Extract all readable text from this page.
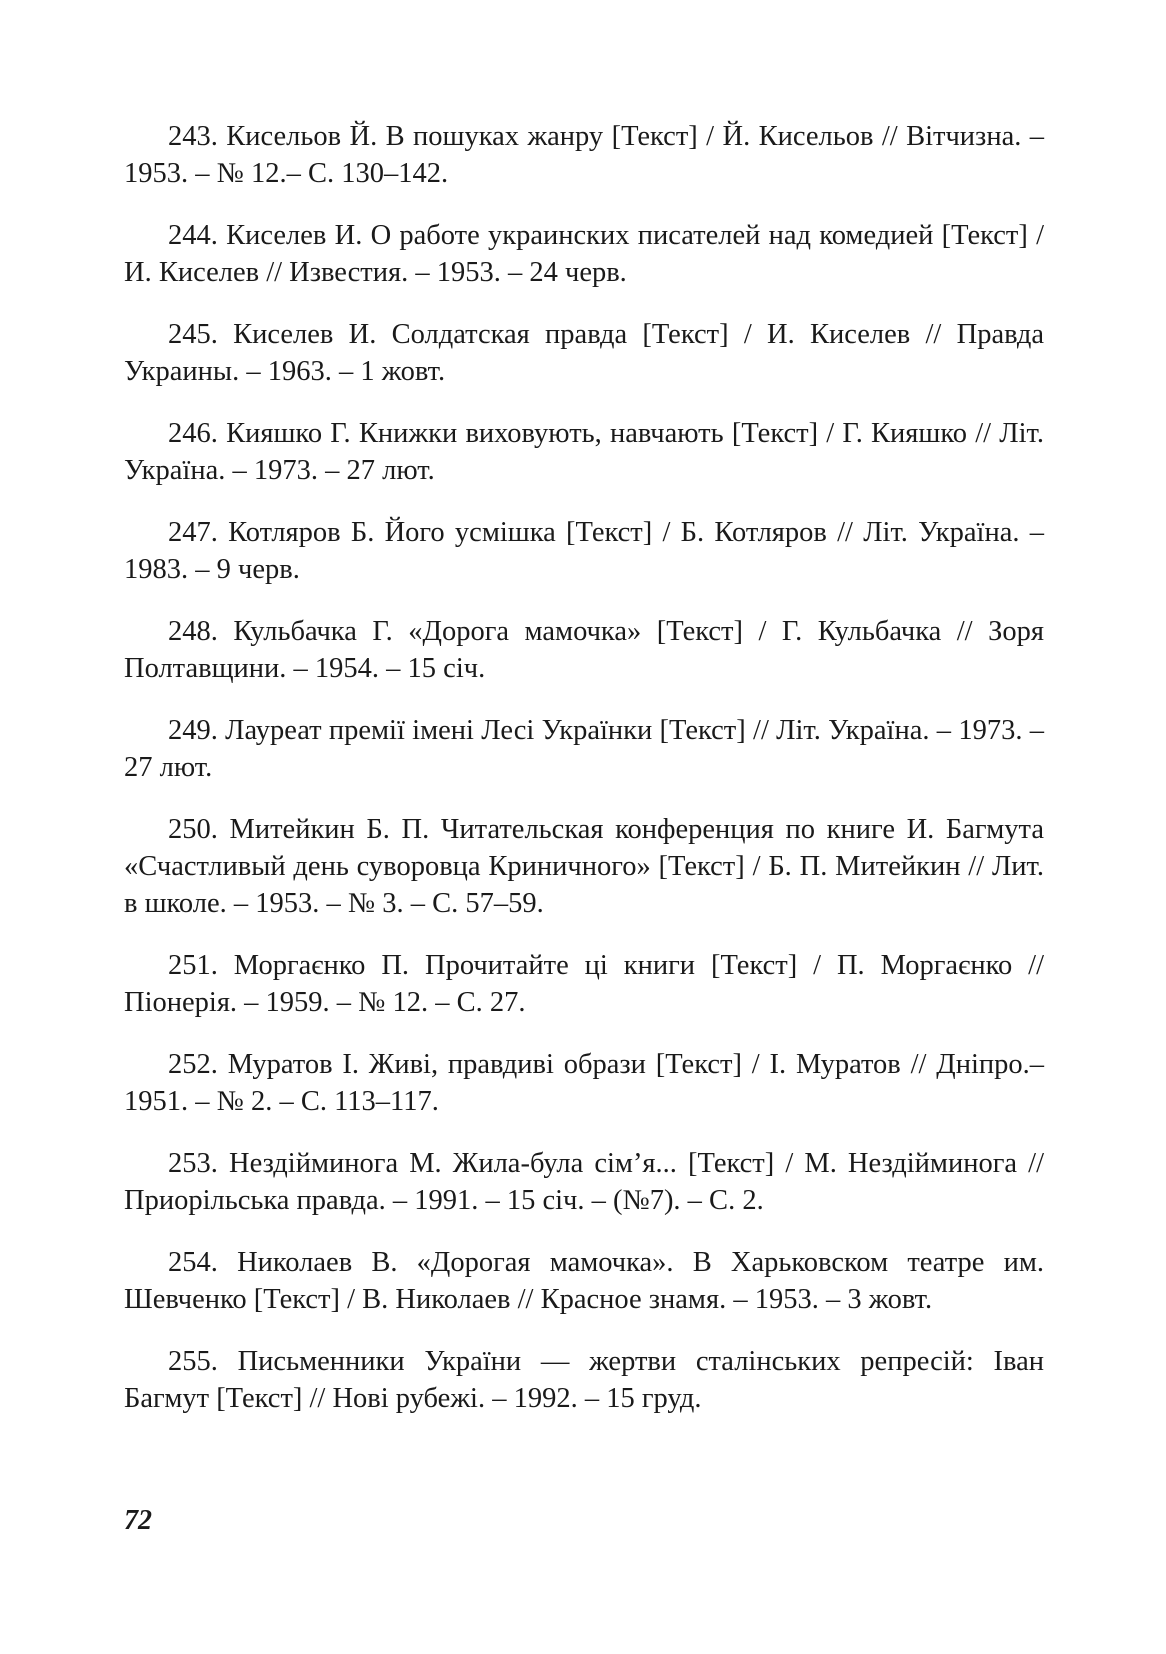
243. Кисельов Й. В пошуках жанру [Текст] / Й. Кисельов // Вітчизна. – 1953. – № 12.– С. 130–142.

244. Киселев И. О работе украинских писателей над комедией [Текст] / И. Киселев // Известия. – 1953. – 24 черв.

245. Киселев И. Солдатская правда [Текст] / И. Киселев // Правда Украины. – 1963. – 1 жовт.

246. Кияшко Г. Книжки виховують, навчають [Текст] / Г. Кияшко // Літ. Україна. – 1973. – 27 лют.

247. Котляров Б. Його усмішка [Текст] / Б. Котляров // Літ. Україна. – 1983. – 9 черв.

248. Кульбачка Г. «Дорога мамочка» [Текст] / Г. Кульбачка // Зоря Полтавщини. – 1954. – 15 січ.

249. Лауреат премії імені Лесі Українки [Текст] // Літ. Україна. – 1973. – 27 лют.

250. Митейкин Б. П. Читательская конференция по книге И. Багмута «Счастливый день суворовца Криничного» [Текст] / Б. П. Митейкин // Лит. в школе. – 1953. – № 3. – С. 57–59.

251. Моргаєнко П. Прочитайте ці книги [Текст] / П. Моргаєнко // Піонерія. – 1959. – № 12. – С. 27.

252. Муратов І. Живі, правдиві образи [Текст] / І. Муратов // Дніпро.– 1951. – № 2. – С. 113–117.

253. Нездійминога М. Жила-була сім’я... [Текст] / М. Нездійминога // Приорільська правда. – 1991. – 15 січ. – (№7). – С. 2.

254. Николаев В. «Дорогая мамочка». В Харьковском театре им. Шевченко [Текст] / В. Николаев // Красное знамя. – 1953. – 3 жовт.

255. Письменники України — жертви сталінських репресій: Іван Багмут [Текст] // Нові рубежі. – 1992. – 15 груд.

72
